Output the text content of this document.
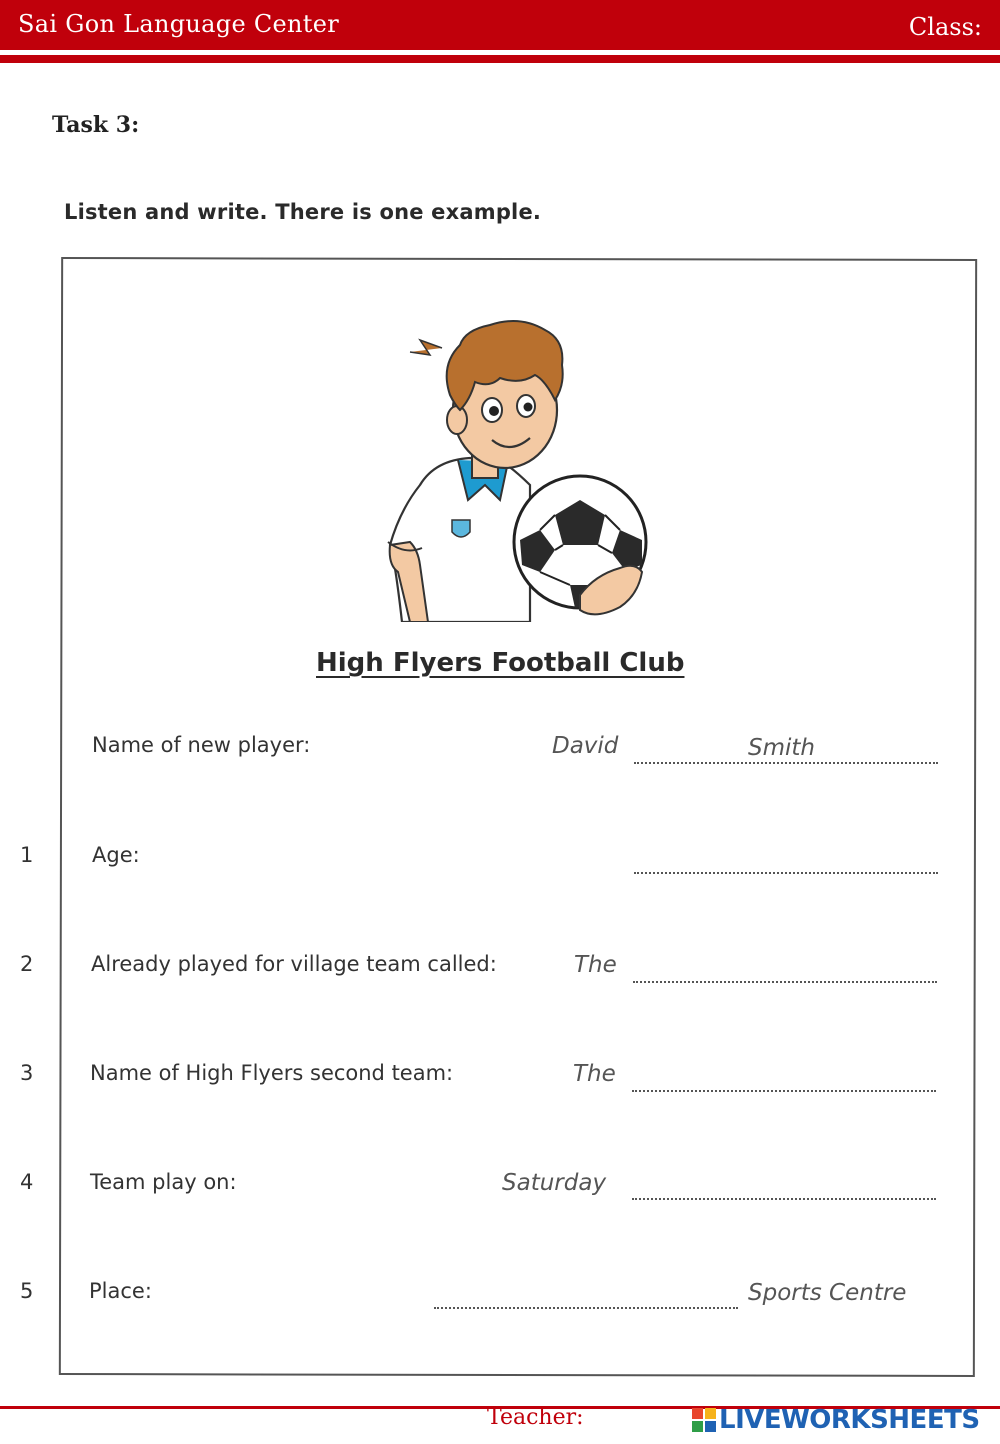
Sai Gon Language Center	Class:
Task 3:
Listen and write. There is one example.
High Flyers Football Club
Name of new player:	David	Smith
1	Age:
2	Already played for village team called:	The
3	Name of High Flyers second team:	The
4	Team play on:	Saturday
5	Place:	Sports Centre
Teacher:	LIVEWORKSHEETS
